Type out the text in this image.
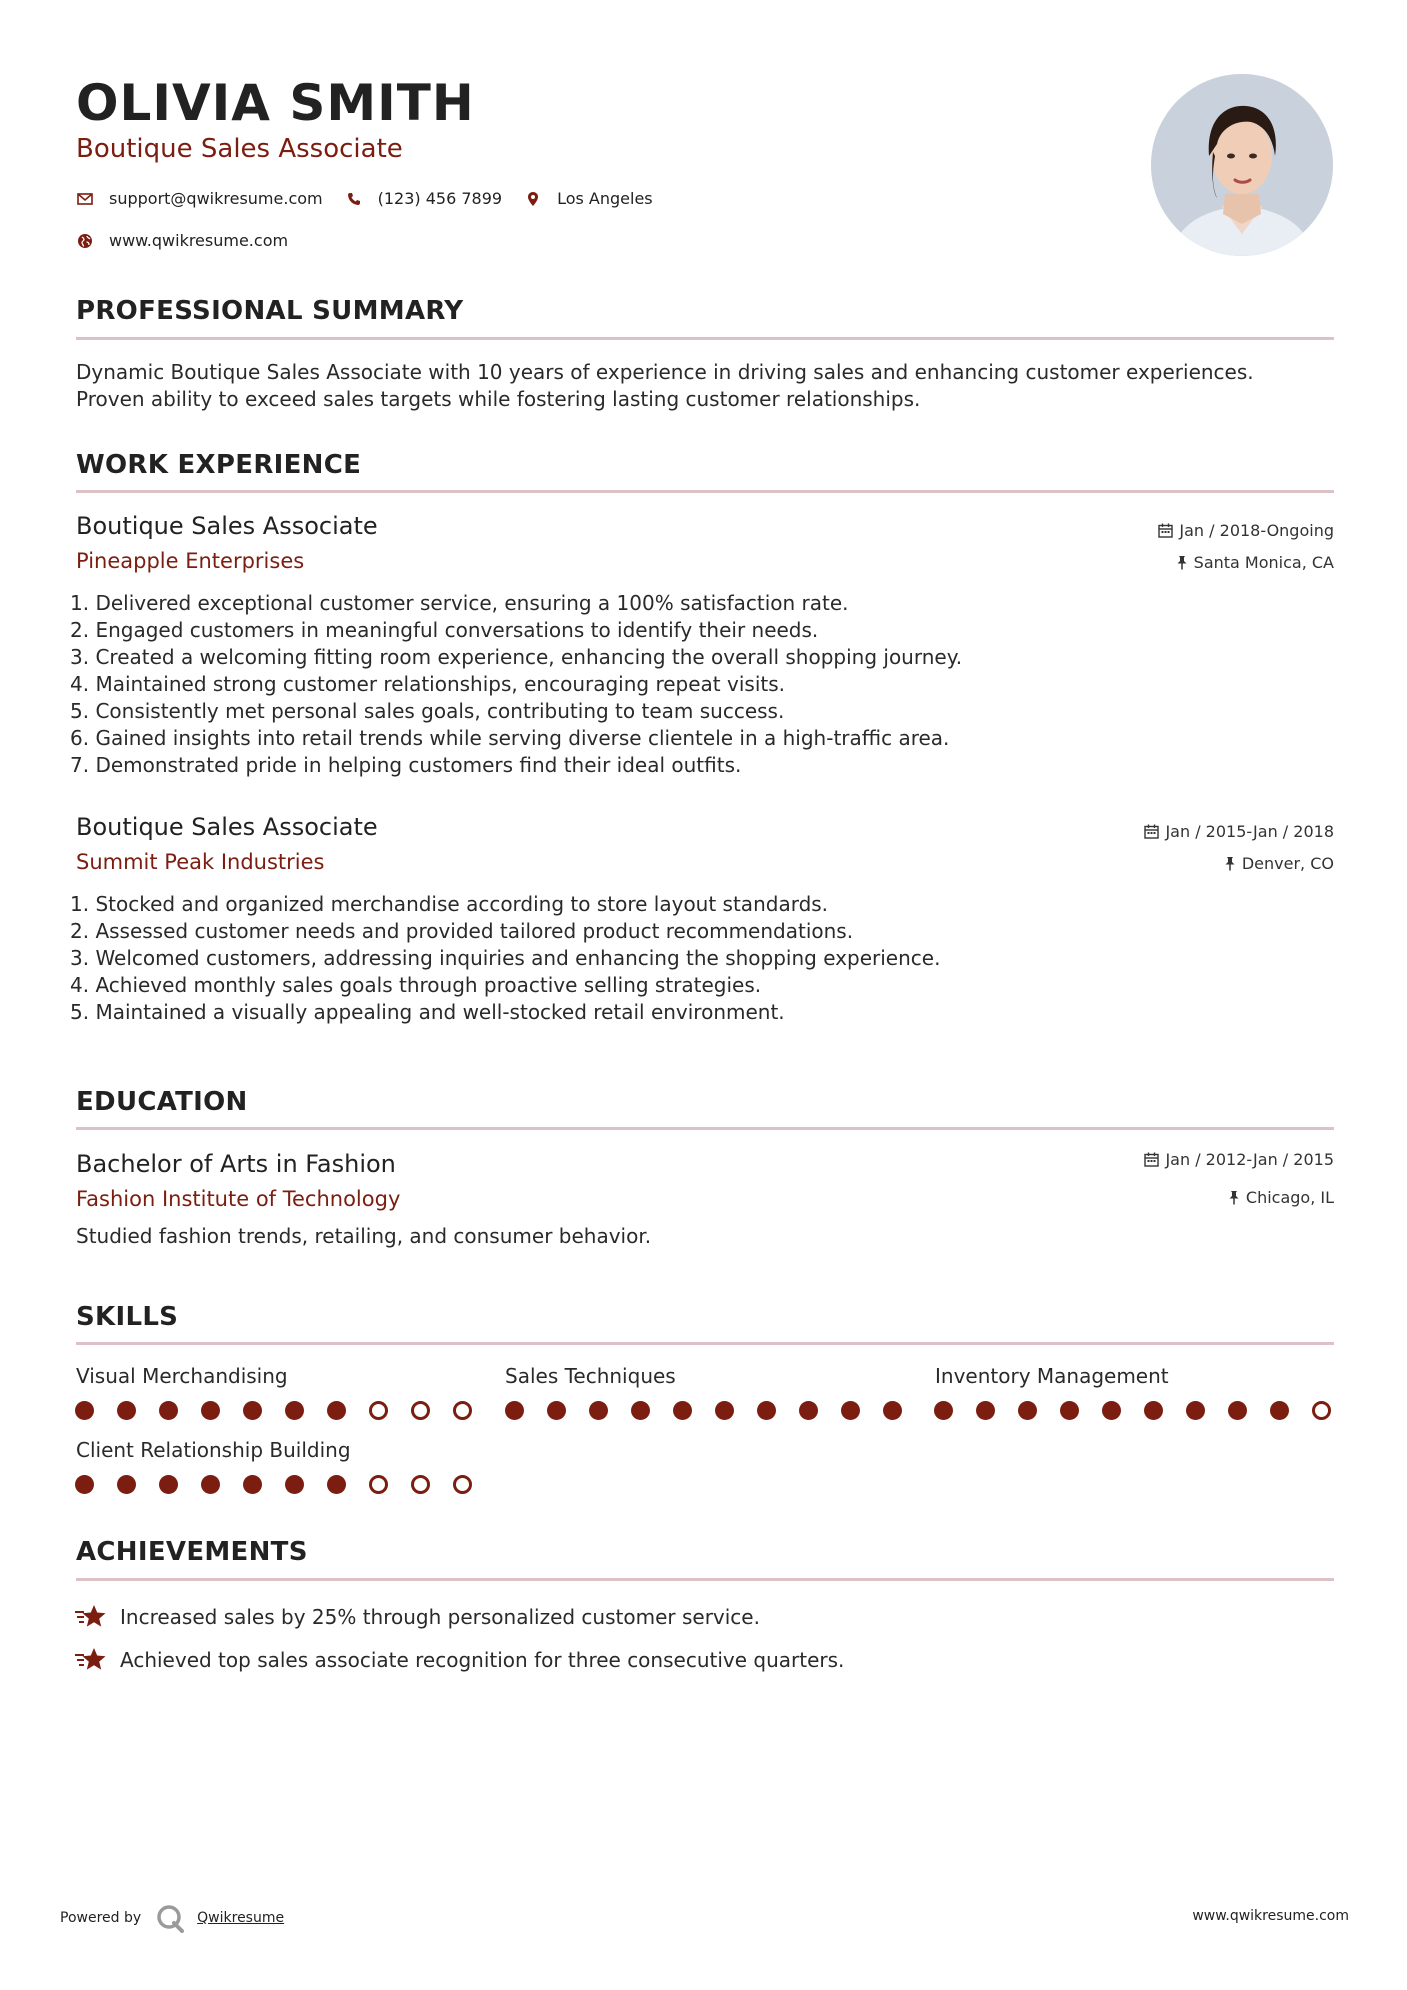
OLIVIA SMITH
Boutique Sales Associate
support@qwikresume.com	(123) 456 7899	Los Angeles
www.qwikresume.com
PROFESSIONAL SUMMARY
Dynamic Boutique Sales Associate with 10 years of experience in driving sales and enhancing customer experiences.
Proven ability to exceed sales targets while fostering lasting customer relationships.
WORK EXPERIENCE
Boutique Sales Associate
Pineapple Enterprises
Jan / 2018-Ongoing
Santa Monica, CA
1. Delivered exceptional customer service, ensuring a 100% satisfaction rate.
2. Engaged customers in meaningful conversations to identify their needs.
3. Created a welcoming fitting room experience, enhancing the overall shopping journey.
4. Maintained strong customer relationships, encouraging repeat visits.
5. Consistently met personal sales goals, contributing to team success.
6. Gained insights into retail trends while serving diverse clientele in a high-traffic area.
7. Demonstrated pride in helping customers find their ideal outfits.
Boutique Sales Associate
Summit Peak Industries
Jan / 2015-Jan / 2018
Denver, CO
1. Stocked and organized merchandise according to store layout standards.
2. Assessed customer needs and provided tailored product recommendations.
3. Welcomed customers, addressing inquiries and enhancing the shopping experience.
4. Achieved monthly sales goals through proactive selling strategies.
5. Maintained a visually appealing and well-stocked retail environment.
EDUCATION
Bachelor of Arts in Fashion
Fashion Institute of Technology
Jan / 2012-Jan / 2015
Chicago, IL
Studied fashion trends, retailing, and consumer behavior.
SKILLS
Visual Merchandising	Sales Techniques	Inventory Management
Client Relationship Building
ACHIEVEMENTS
Increased sales by 25% through personalized customer service.
Achieved top sales associate recognition for three consecutive quarters.
Powered by	Qwikresume	www.qwikresume.com
